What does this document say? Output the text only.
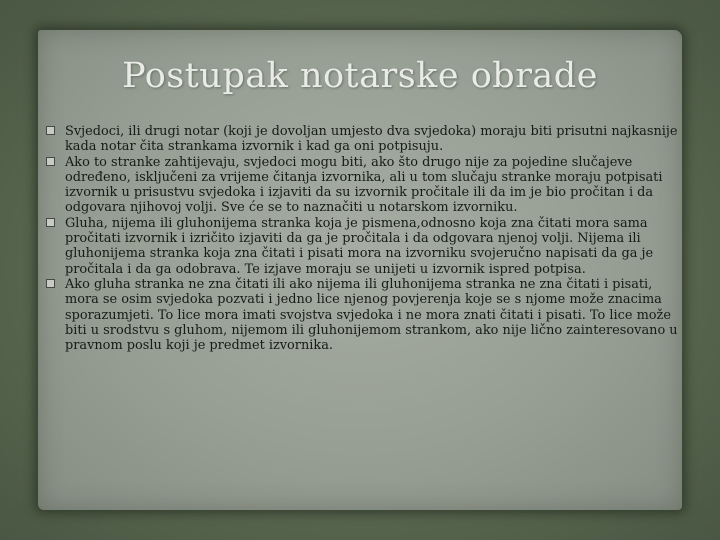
Postupak notarske obrade
Svjedoci, ili drugi notar (koji je dovoljan umjesto dva svjedoka) moraju biti prisutni najkasnije kada notar čita strankama izvornik i kad ga oni potpisuju.
Ako to stranke zahtijevaju, svjedoci mogu biti, ako što drugo nije za pojedine slučajeve određeno, isključeni za vrijeme čitanja izvornika, ali u tom slučaju stranke moraju potpisati izvornik u prisustvu svjedoka i izjaviti da su izvornik pročitale ili da im je bio pročitan i da odgovara njihovoj volji. Sve će se to naznačiti u notarskom izvorniku.
Gluha, nijema ili gluhonijema stranka koja je pismena,odnosno koja zna čitati mora sama pročitati izvornik i izričito izjaviti da ga je pročitala i da odgovara njenoj volji. Nijema ili gluhonijema stranka koja zna čitati i pisati mora na izvorniku svojeručno napisati da ga je pročitala i da ga odobrava. Te izjave moraju se unijeti u izvornik ispred potpisa.
Ako gluha stranka ne zna čitati ili ako nijema ili gluhonijema stranka ne zna čitati i pisati, mora se osim svjedoka pozvati i jedno lice njenog povjerenja koje se s njome može znacima sporazumjeti. To lice mora imati svojstva svjedoka i ne mora znati čitati i pisati. To lice može biti u srodstvu s gluhom, nijemom ili gluhonijemom strankom, ako nije lično zainteresovano u pravnom poslu koji je predmet izvornika.
